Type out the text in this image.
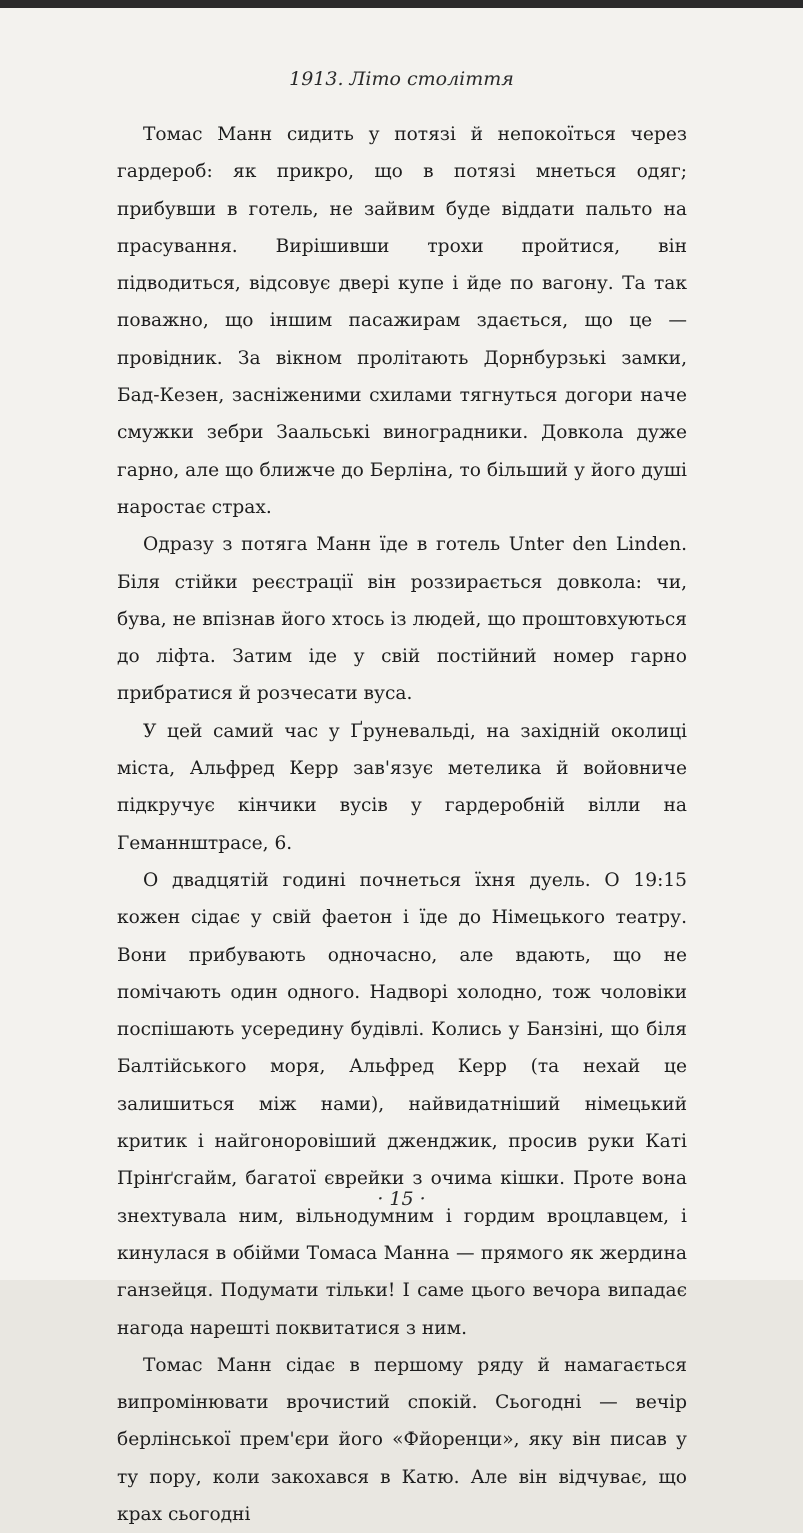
1913. Літо століття

Томас Манн сидить у потязі й непокоїться через гардероб: як прикро, що в потязі мнеться одяг; прибувши в готель, не зайвим буде віддати пальто на прасування. Вирішивши трохи пройтися, він підводиться, відсовує двері купе і йде по вагону. Та так поважно, що іншим пасажирам здається, що це — провідник. За вікном пролітають Дорнбурзькі замки, Бад-Кезен, засніженими схилами тягнуться догори наче смужки зебри Заальські виноградники. Довкола дуже гарно, але що ближче до Берліна, то більший у його душі наростає страх.

Одразу з потяга Манн їде в готель Unter den Linden. Біля стійки реєстрації він роззирається довкола: чи, бува, не впізнав його хтось із людей, що проштовхуються до ліфта. Затим іде у свій постійний номер гарно прибратися й розчесати вуса.

У цей самий час у Ґруневальді, на західній околиці міста, Альфред Керр зав'язує метелика й войовниче підкручує кінчики вусів у гардеробній вілли на Геманнштрасе, 6.

О двадцятій годині почнеться їхня дуель. О 19:15 кожен сідає у свій фаетон і їде до Німецького театру. Вони прибувають одночасно, але вдають, що не помічають один одного. Надворі холодно, тож чоловіки поспішають усередину будівлі. Колись у Банзіні, що біля Балтійського моря, Альфред Керр (та нехай це залишиться між нами), найвидатніший німецький критик і найгоноровіший дженджик, просив руки Каті Прінґсгайм, багатої єврейки з очима кішки. Проте вона знехтувала ним, вільнодумним і гордим вроцлавцем, і кинулася в обійми Томаса Манна — прямого як жердина ганзейця. Подумати тільки! І саме цього вечора випадає нагода нарешті поквитатися з ним.

Томас Манн сідає в першому ряду й намагається випромінювати врочистий спокій. Сьогодні — вечір берлінської прем'єри його «Фйоренци», яку він писав у ту пору, коли закохався в Катю. Але він відчуває, що крах сьогодні

· 15 ·
